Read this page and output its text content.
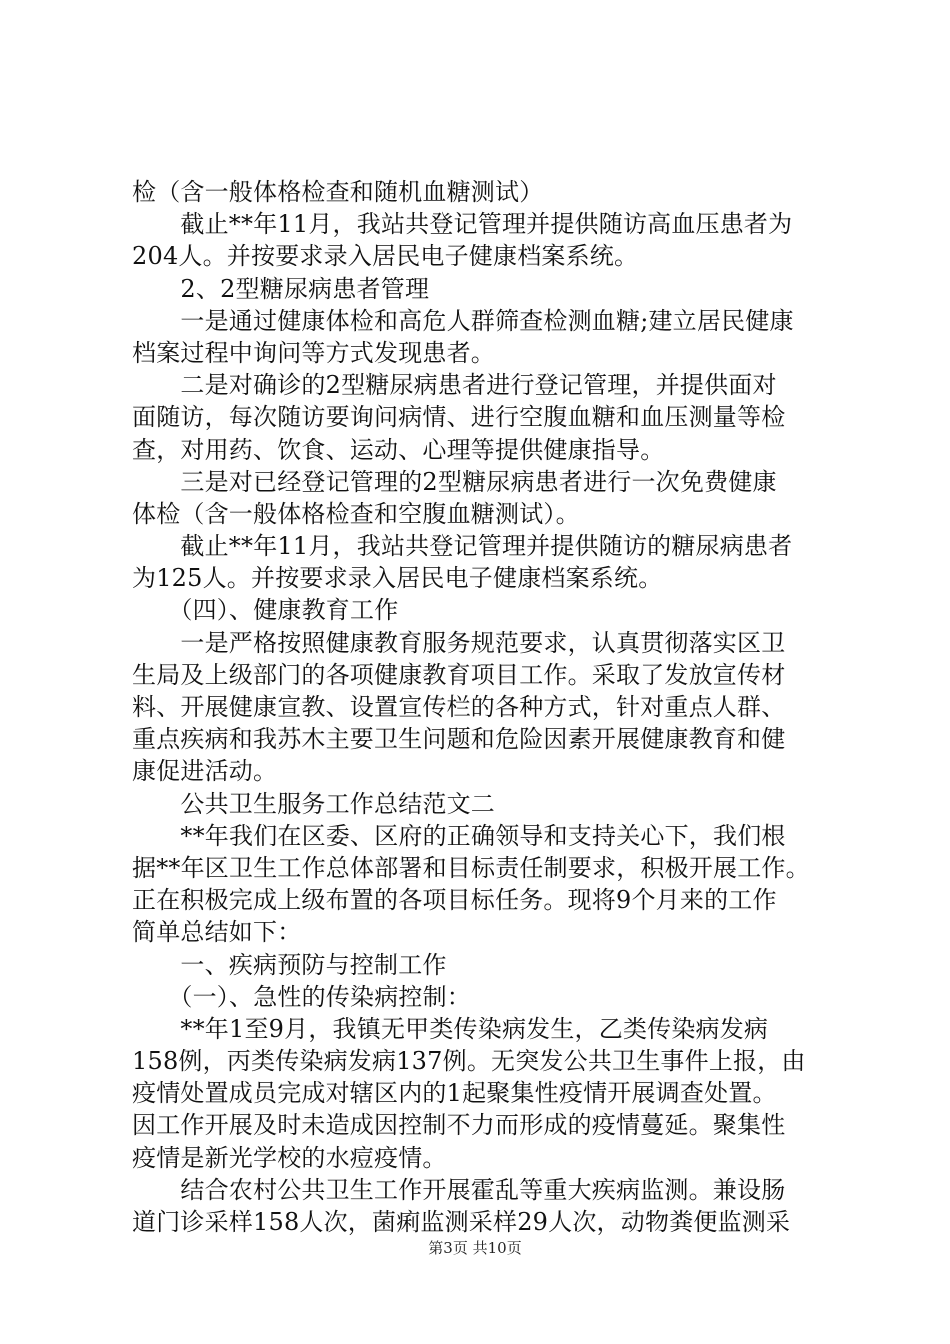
检（含一般体格检查和随机血糖测试）
　　截止**年11月，我站共登记管理并提供随访高血压患者为
204人。并按要求录入居民电子健康档案系统。
　　2、2型糖尿病患者管理
　　一是通过健康体检和高危人群筛查检测血糖;建立居民健康
档案过程中询问等方式发现患者。
　　二是对确诊的2型糖尿病患者进行登记管理，并提供面对
面随访，每次随访要询问病情、进行空腹血糖和血压测量等检
查，对用药、饮食、运动、心理等提供健康指导。
　　三是对已经登记管理的2型糖尿病患者进行一次免费健康
体检（含一般体格检查和空腹血糖测试）。
　　截止**年11月，我站共登记管理并提供随访的糖尿病患者
为125人。并按要求录入居民电子健康档案系统。
　　（四）、健康教育工作
　　一是严格按照健康教育服务规范要求，认真贯彻落实区卫
生局及上级部门的各项健康教育项目工作。采取了发放宣传材
料、开展健康宣教、设置宣传栏的各种方式，针对重点人群、
重点疾病和我苏木主要卫生问题和危险因素开展健康教育和健
康促进活动。
　　公共卫生服务工作总结范文二
　　**年我们在区委、区府的正确领导和支持关心下，我们根
据**年区卫生工作总体部署和目标责任制要求，积极开展工作。
正在积极完成上级布置的各项目标任务。现将9个月来的工作
简单总结如下：
　　一、疾病预防与控制工作
　　（一）、急性的传染病控制：
　　**年1至9月，我镇无甲类传染病发生，乙类传染病发病
158例，丙类传染病发病137例。无突发公共卫生事件上报，由
疫情处置成员完成对辖区内的1起聚集性疫情开展调查处置。
因工作开展及时未造成因控制不力而形成的疫情蔓延。聚集性
疫情是新光学校的水痘疫情。
　　结合农村公共卫生工作开展霍乱等重大疾病监测。兼设肠
道门诊采样158人次，菌痢监测采样29人次，动物粪便监测采
第3页 共10页
